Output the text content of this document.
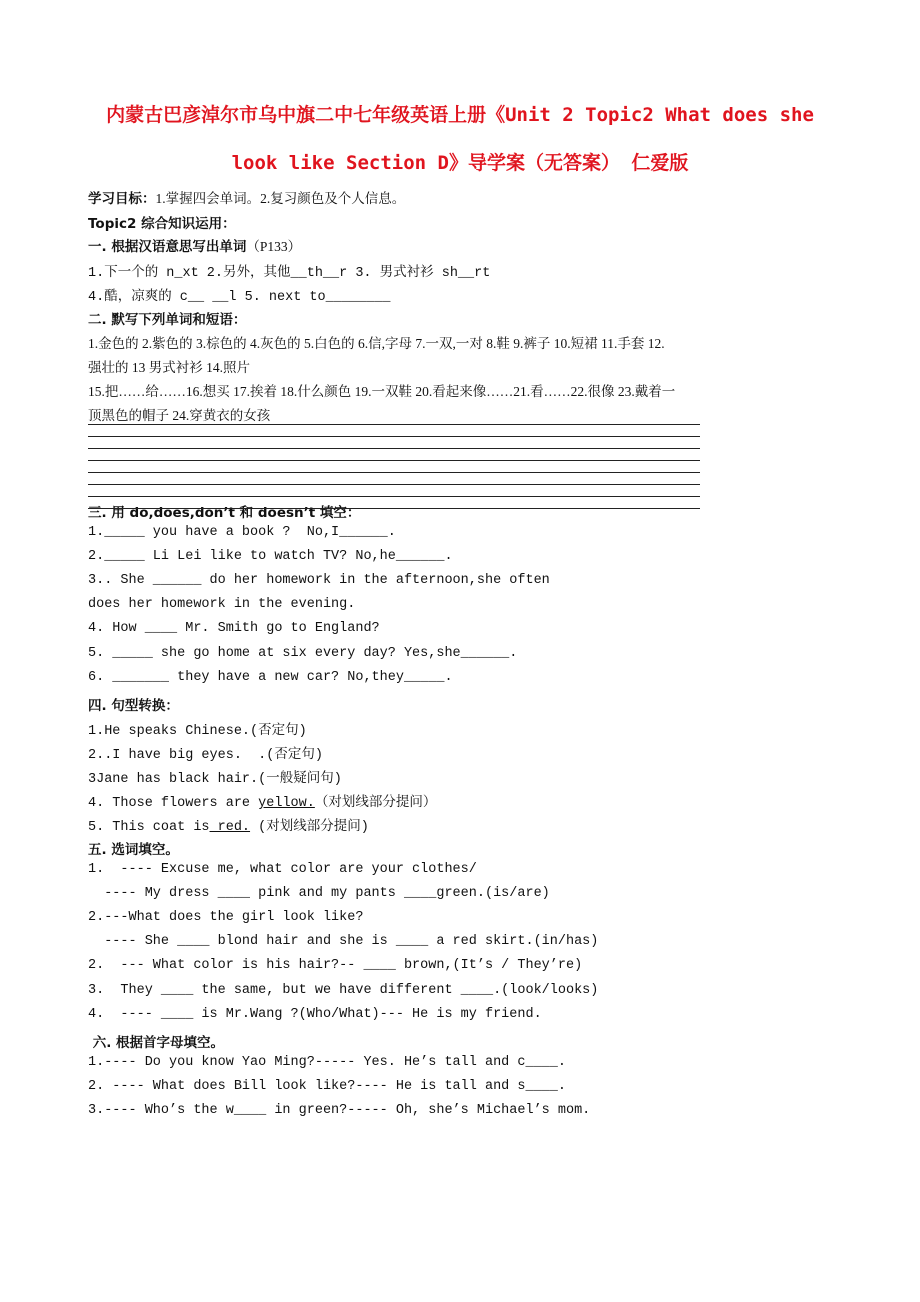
内蒙古巴彦淖尔市乌中旗二中七年级英语上册《Unit 2 Topic2 What does she
look like Section D》导学案（无答案） 仁爱版
学习目标：1.掌握四会单词。2.复习颜色及个人信息。
Topic2 综合知识运用：
一. 根据汉语意思写出单词（P133）
1.下一个的 n_xt 2.另外，其他__th__r 3. 男式衬衫 sh__rt
4.酷，凉爽的 c__ __l 5. next to________
二. 默写下列单词和短语：
1.金色的 2.紫色的 3.棕色的 4.灰色的 5.白色的 6.信,字母 7.一双,一对 8.鞋 9.裤子 10.短裙 11.手套 12.
强壮的 13 男式衬衫 14.照片
15.把……给……16.想买 17.挨着 18.什么颜色 19.一双鞋 20.看起来像……21.看……22.很像 23.戴着一
顶黑色的帽子 24.穿黄衣的女孩
三. 用 do,does,don’t 和 doesn’t 填空：
1._____ you have a book ?  No,I______.
2._____ Li Lei like to watch TV? No,he______.
3.. She ______ do her homework in the afternoon,she often
does her homework in the evening.
4. How ____ Mr. Smith go to England?
5. _____ she go home at six every day? Yes,she______.
6. _______ they have a new car? No,they_____.
四. 句型转换：
1.He speaks Chinese.(否定句)
2..I have big eyes.  .(否定句)
3Jane has black hair.(一般疑问句)
4. Those flowers are yellow.（对划线部分提问）
5. This coat is red. (对划线部分提问)
五. 选词填空。
1.  ---- Excuse me, what color are your clothes/
---- My dress ____ pink and my pants ____green.(is/are)
2.---What does the girl look like?
---- She ____ blond hair and she is ____ a red skirt.(in/has)
2.  --- What color is his hair?-- ____ brown,(It’s / They’re)
3.  They ____ the same, but we have different ____.(look/looks)
4.  ---- ____ is Mr.Wang ?(Who/What)--- He is my friend.
六. 根据首字母填空。
1.---- Do you know Yao Ming?----- Yes. He’s tall and c____.
2. ---- What does Bill look like?---- He is tall and s____.
3.---- Who’s the w____ in green?----- Oh, she’s Michael’s mom.
